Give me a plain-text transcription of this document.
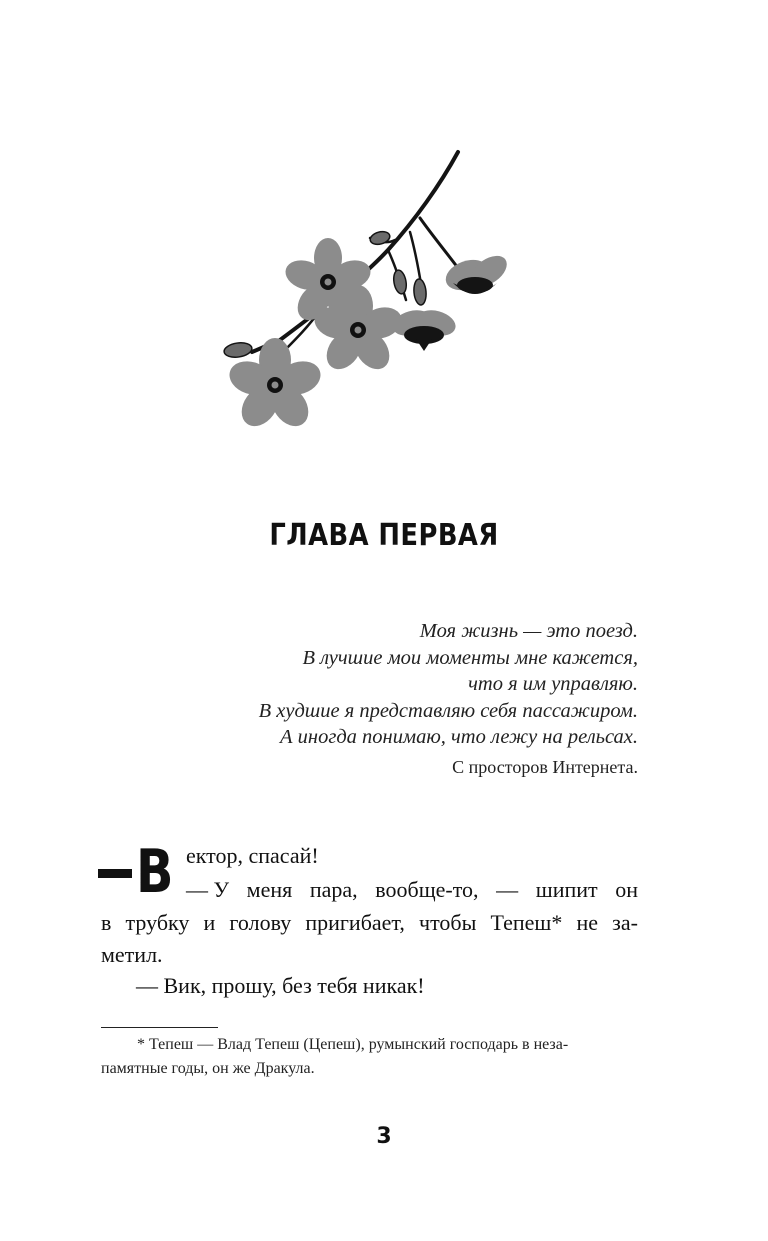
ГЛАВА ПЕРВАЯ
Моя жизнь — это поезд.
В лучшие мои моменты мне кажется,
что я им управляю.
В худшие я представляю себя пассажиром.
А иногда понимаю, что лежу на рельсах.
С просторов Интернета.
В ектор, спасай!
— У меня пара, вообще-то, — шипит он
в трубку и голову пригибает, чтобы Тепеш* не за-
метил.
— Вик, прошу, без тебя никак!
* Тепеш — Влад Тепеш (Цепеш), румынский господарь в неза-
памятные годы, он же Дракула.
3
